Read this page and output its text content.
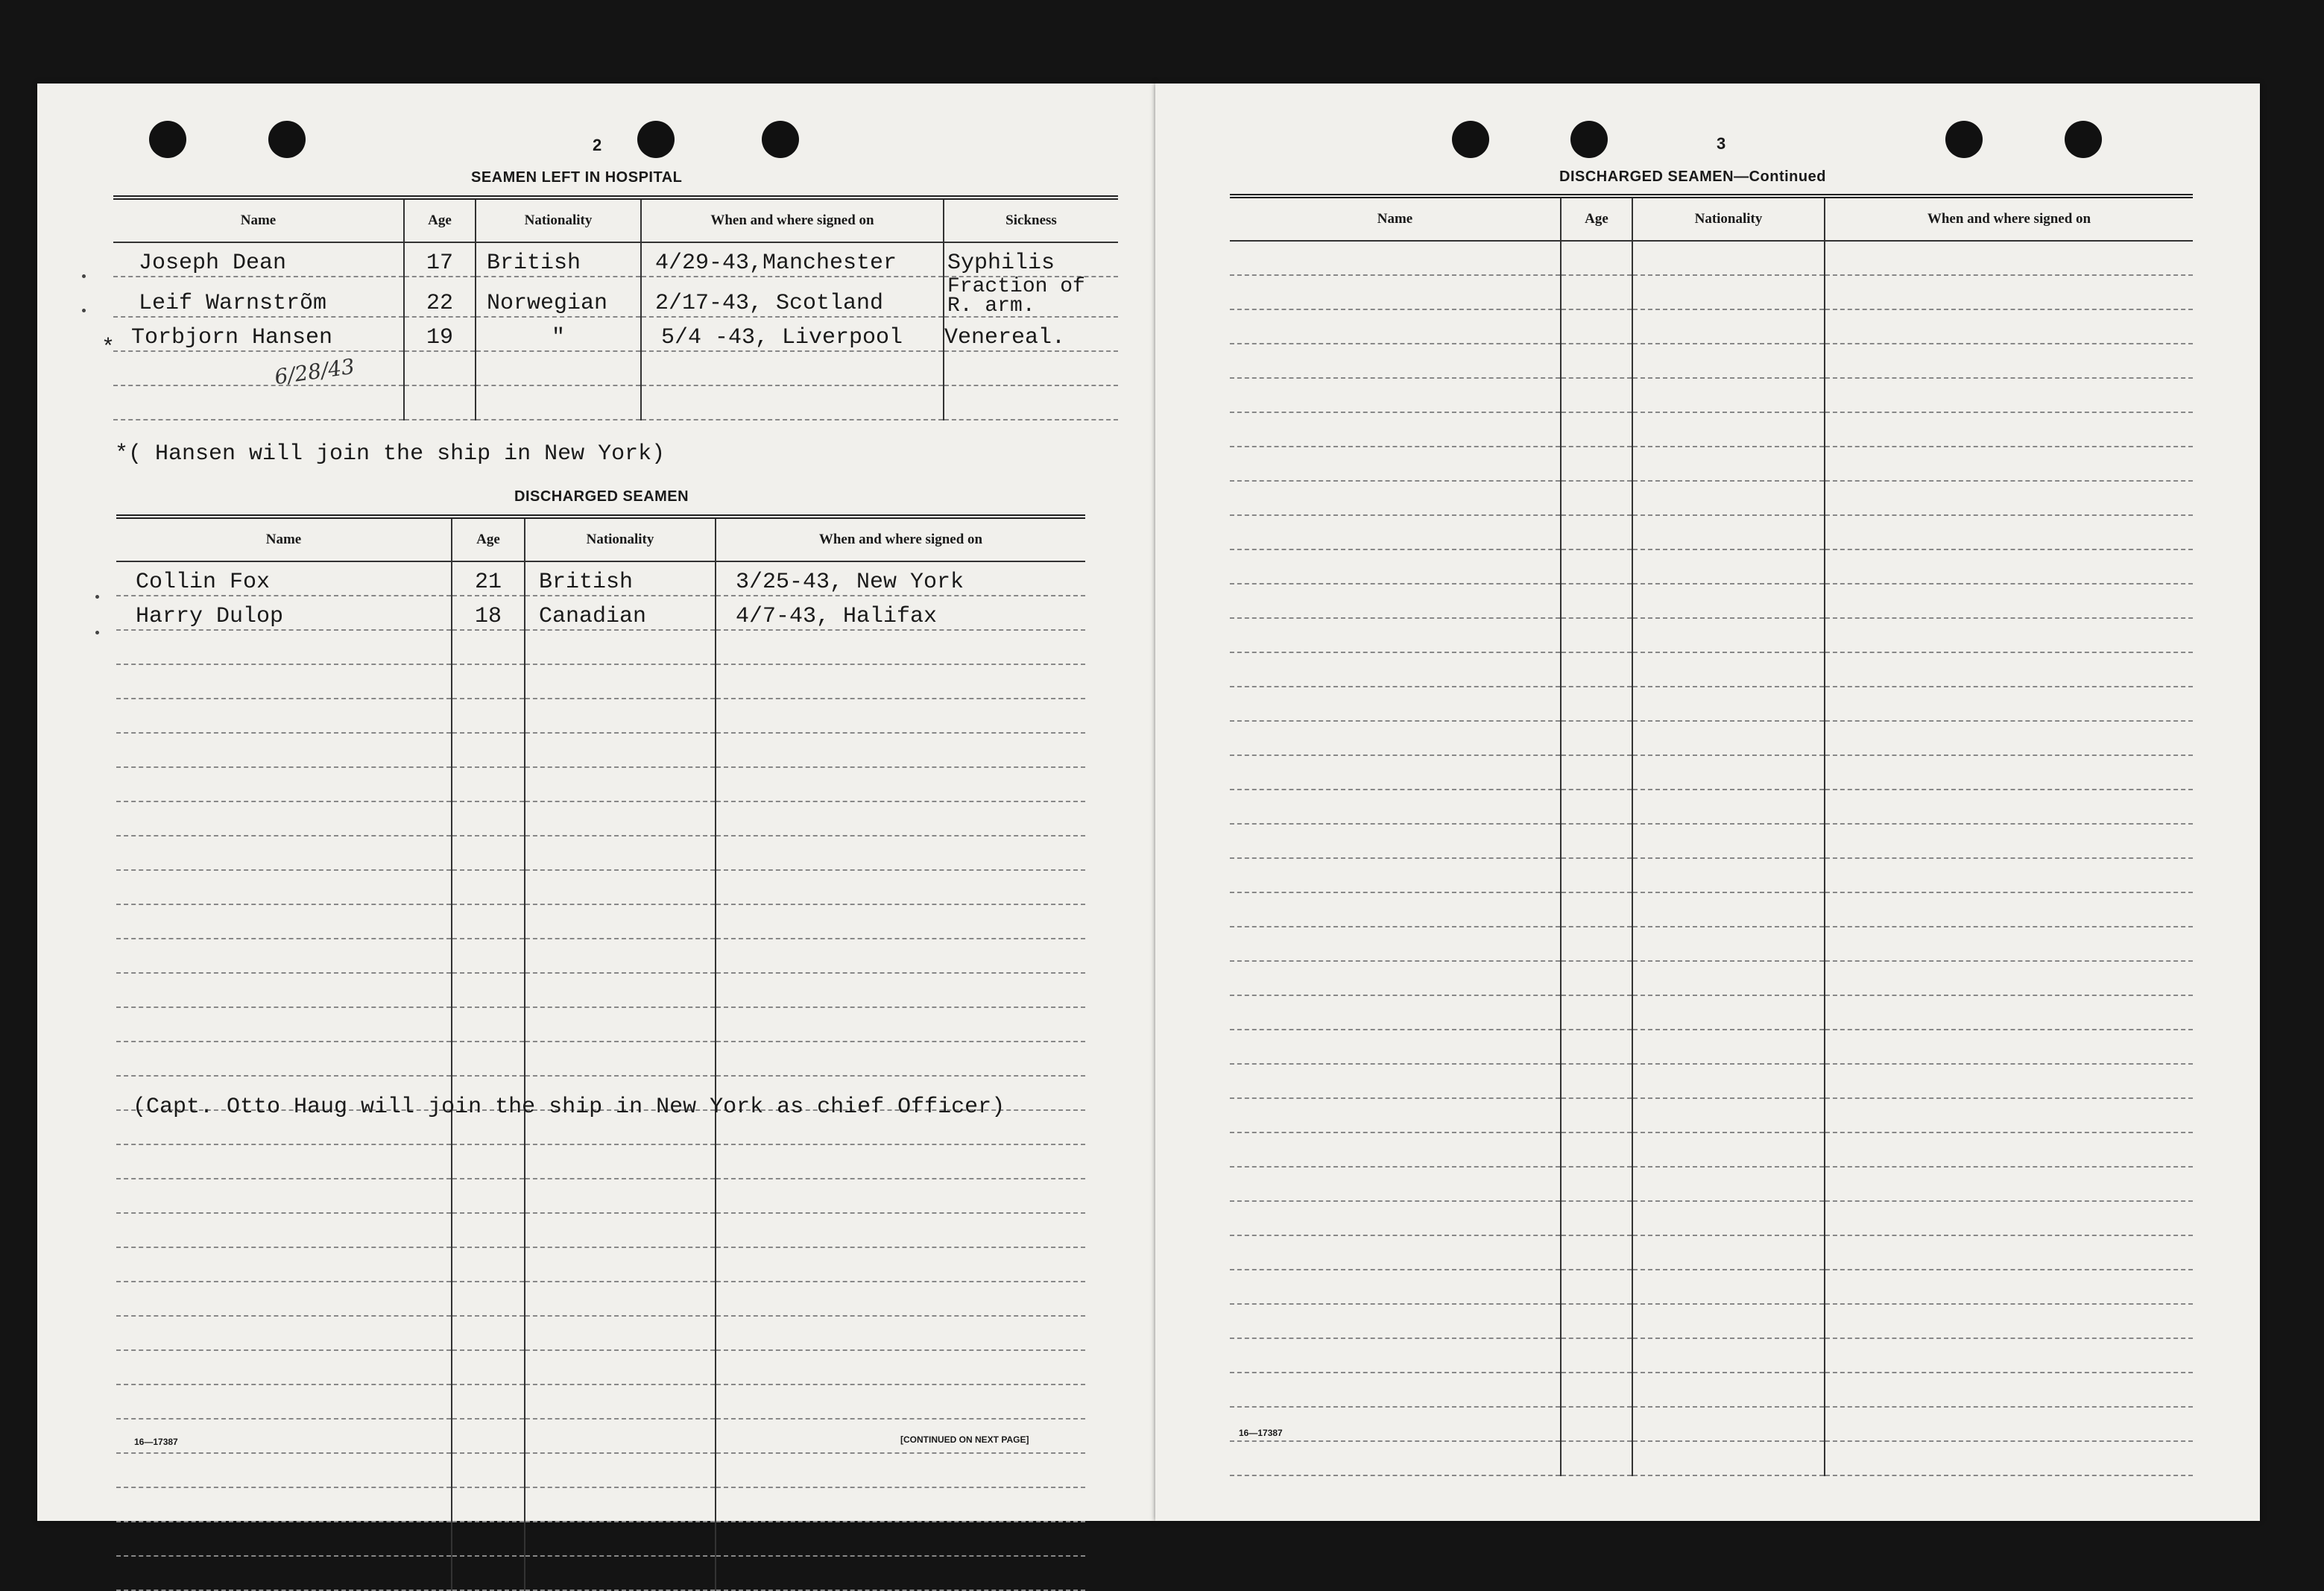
2
SEAMEN LEFT IN HOSPITAL
Name	Age	Nationality	When and where signed on	Sickness
Joseph Dean	17	British	4/29-43,Manchester	Syphilis
Leif Warnstrõm	22	Norwegian	2/17-43, Scotland	Fraction of R. arm.
Torbjorn Hansen	19	"	5/4 -43, Liverpool	Venereal.

*
6/28/43
*( Hansen will join the ship in New York)
DISCHARGED SEAMEN
Name	Age	Nationality	When and where signed on
Collin Fox	21	British	3/25-43, New York
Harry Dulop	18	Canadian	4/7-43, Halifax

(Capt. Otto Haug will join the ship in New York as chief Officer)
16—17387	[CONTINUED ON NEXT PAGE]
3
DISCHARGED SEAMEN—Continued
Name	Age	Nationality	When and where signed on

16—17387
